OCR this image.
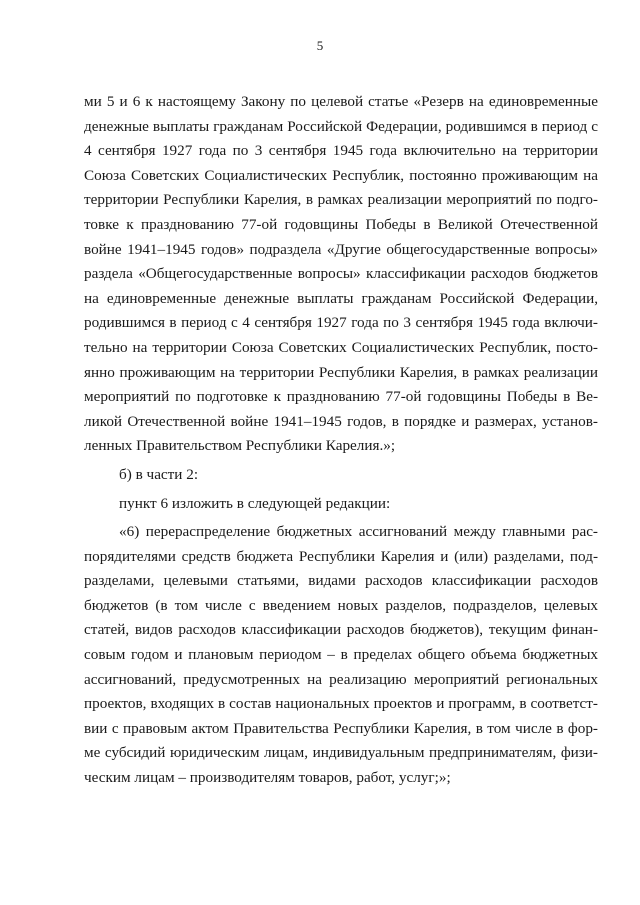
5
ми 5 и 6 к настоящему Закону по целевой статье «Резерв на единовременные
денежные выплаты гражданам Российской Федерации, родившимся в период с
4 сентября 1927 года по 3 сентября 1945 года включительно на территории
Союза Советских Социалистических Республик, постоянно проживающим на
территории Республики Карелия, в рамках реализации мероприятий по подго-
товке к празднованию 77-ой годовщины Победы в Великой Отечественной
войне 1941–1945 годов» подраздела «Другие общегосударственные вопросы»
раздела «Общегосударственные вопросы» классификации расходов бюджетов
на единовременные денежные выплаты гражданам Российской Федерации,
родившимся в период с 4 сентября 1927 года по 3 сентября 1945 года включи-
тельно на территории Союза Советских Социалистических Республик, посто-
янно проживающим на территории Республики Карелия, в рамках реализации
мероприятий по подготовке к празднованию 77-ой годовщины Победы в Ве-
ликой Отечественной войне 1941–1945 годов, в порядке и размерах, установ-
ленных Правительством Республики Карелия.»;
б) в части 2:
пункт 6 изложить в следующей редакции:
«6) перераспределение бюджетных ассигнований между главными рас-
порядителями средств бюджета Республики Карелия и (или) разделами, под-
разделами, целевыми статьями, видами расходов классификации расходов
бюджетов (в том числе с введением новых разделов, подразделов, целевых
статей, видов расходов классификации расходов бюджетов), текущим финан-
совым годом и плановым периодом – в пределах общего объема бюджетных
ассигнований, предусмотренных на реализацию мероприятий региональных
проектов, входящих в состав национальных проектов и программ, в соответст-
вии с правовым актом Правительства Республики Карелия, в том числе в фор-
ме субсидий юридическим лицам, индивидуальным предпринимателям, физи-
ческим лицам – производителям товаров, работ, услуг;»;
